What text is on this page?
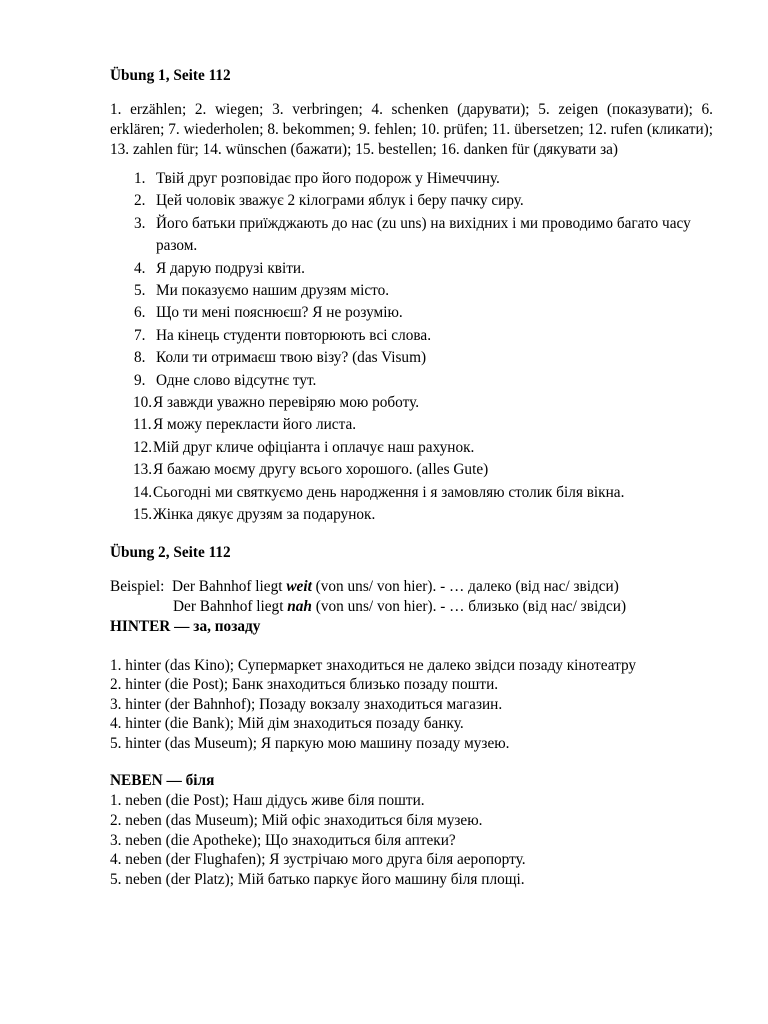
Übung 1, Seite 112

1. erzählen; 2. wiegen; 3. verbringen; 4. schenken (дарувати); 5. zeigen (показувати); 6. erklären; 7. wiederholen; 8. bekommen; 9. fehlen; 10. prüfen; 11. übersetzen; 12. rufen (кликати); 13. zahlen für; 14. wünschen (бажати); 15. bestellen; 16. danken für (дякувати за)

1. Твій друг розповідає про його подорож у Німеччину.
2. Цей чоловік зважує 2 кілограми яблук і беру пачку сиру.
3. Його батьки приїжджають до нас (zu uns) на вихідних і ми проводимо багато часу разом.
4. Я дарую подрузі квіти.
5. Ми показуємо нашим друзям місто.
6. Що ти мені пояснюєш? Я не розумію.
7. На кінець студенти повторюють всі слова.
8. Коли ти отримаєш твою візу? (das Visum)
9. Одне слово відсутнє тут.
10. Я завжди уважно перевіряю мою роботу.
11. Я можу перекласти його листа.
12. Мій друг кличе офіціанта і оплачує наш рахунок.
13. Я бажаю моєму другу всього хорошого. (alles Gute)
14. Сьогодні ми святкуємо день народження і я замовляю столик біля вікна.
15. Жінка дякує друзям за подарунок.

Übung 2, Seite 112

Beispiel: Der Bahnhof liegt weit (von uns/ von hier). - … далеко (від нас/ звідси)
Der Bahnhof liegt nah (von uns/ von hier). - … близько (від нас/ звідси)

HINTER — за, позаду

1. hinter (das Kino); Супермаркет знаходиться не далеко звідси позаду кінотеатру

2. hinter (die Post); Банк знаходиться близько позаду пошти.

3. hinter (der Bahnhof); Позаду вокзалу знаходиться магазин.

4. hinter (die Bank); Мій дім знаходиться позаду банку.

5. hinter (das Museum); Я паркую мою машину позаду музею.

NEBEN — біля

1. neben (die Post); Наш дідусь живе біля пошти.

2. neben (das Museum); Мій офіс знаходиться біля музею.

3. neben (die Apotheke); Що знаходиться біля аптеки?

4. neben (der Flughafen); Я зустрічаю мого друга біля аеропорту.

5. neben (der Platz); Мій батько паркує його машину біля площі.
